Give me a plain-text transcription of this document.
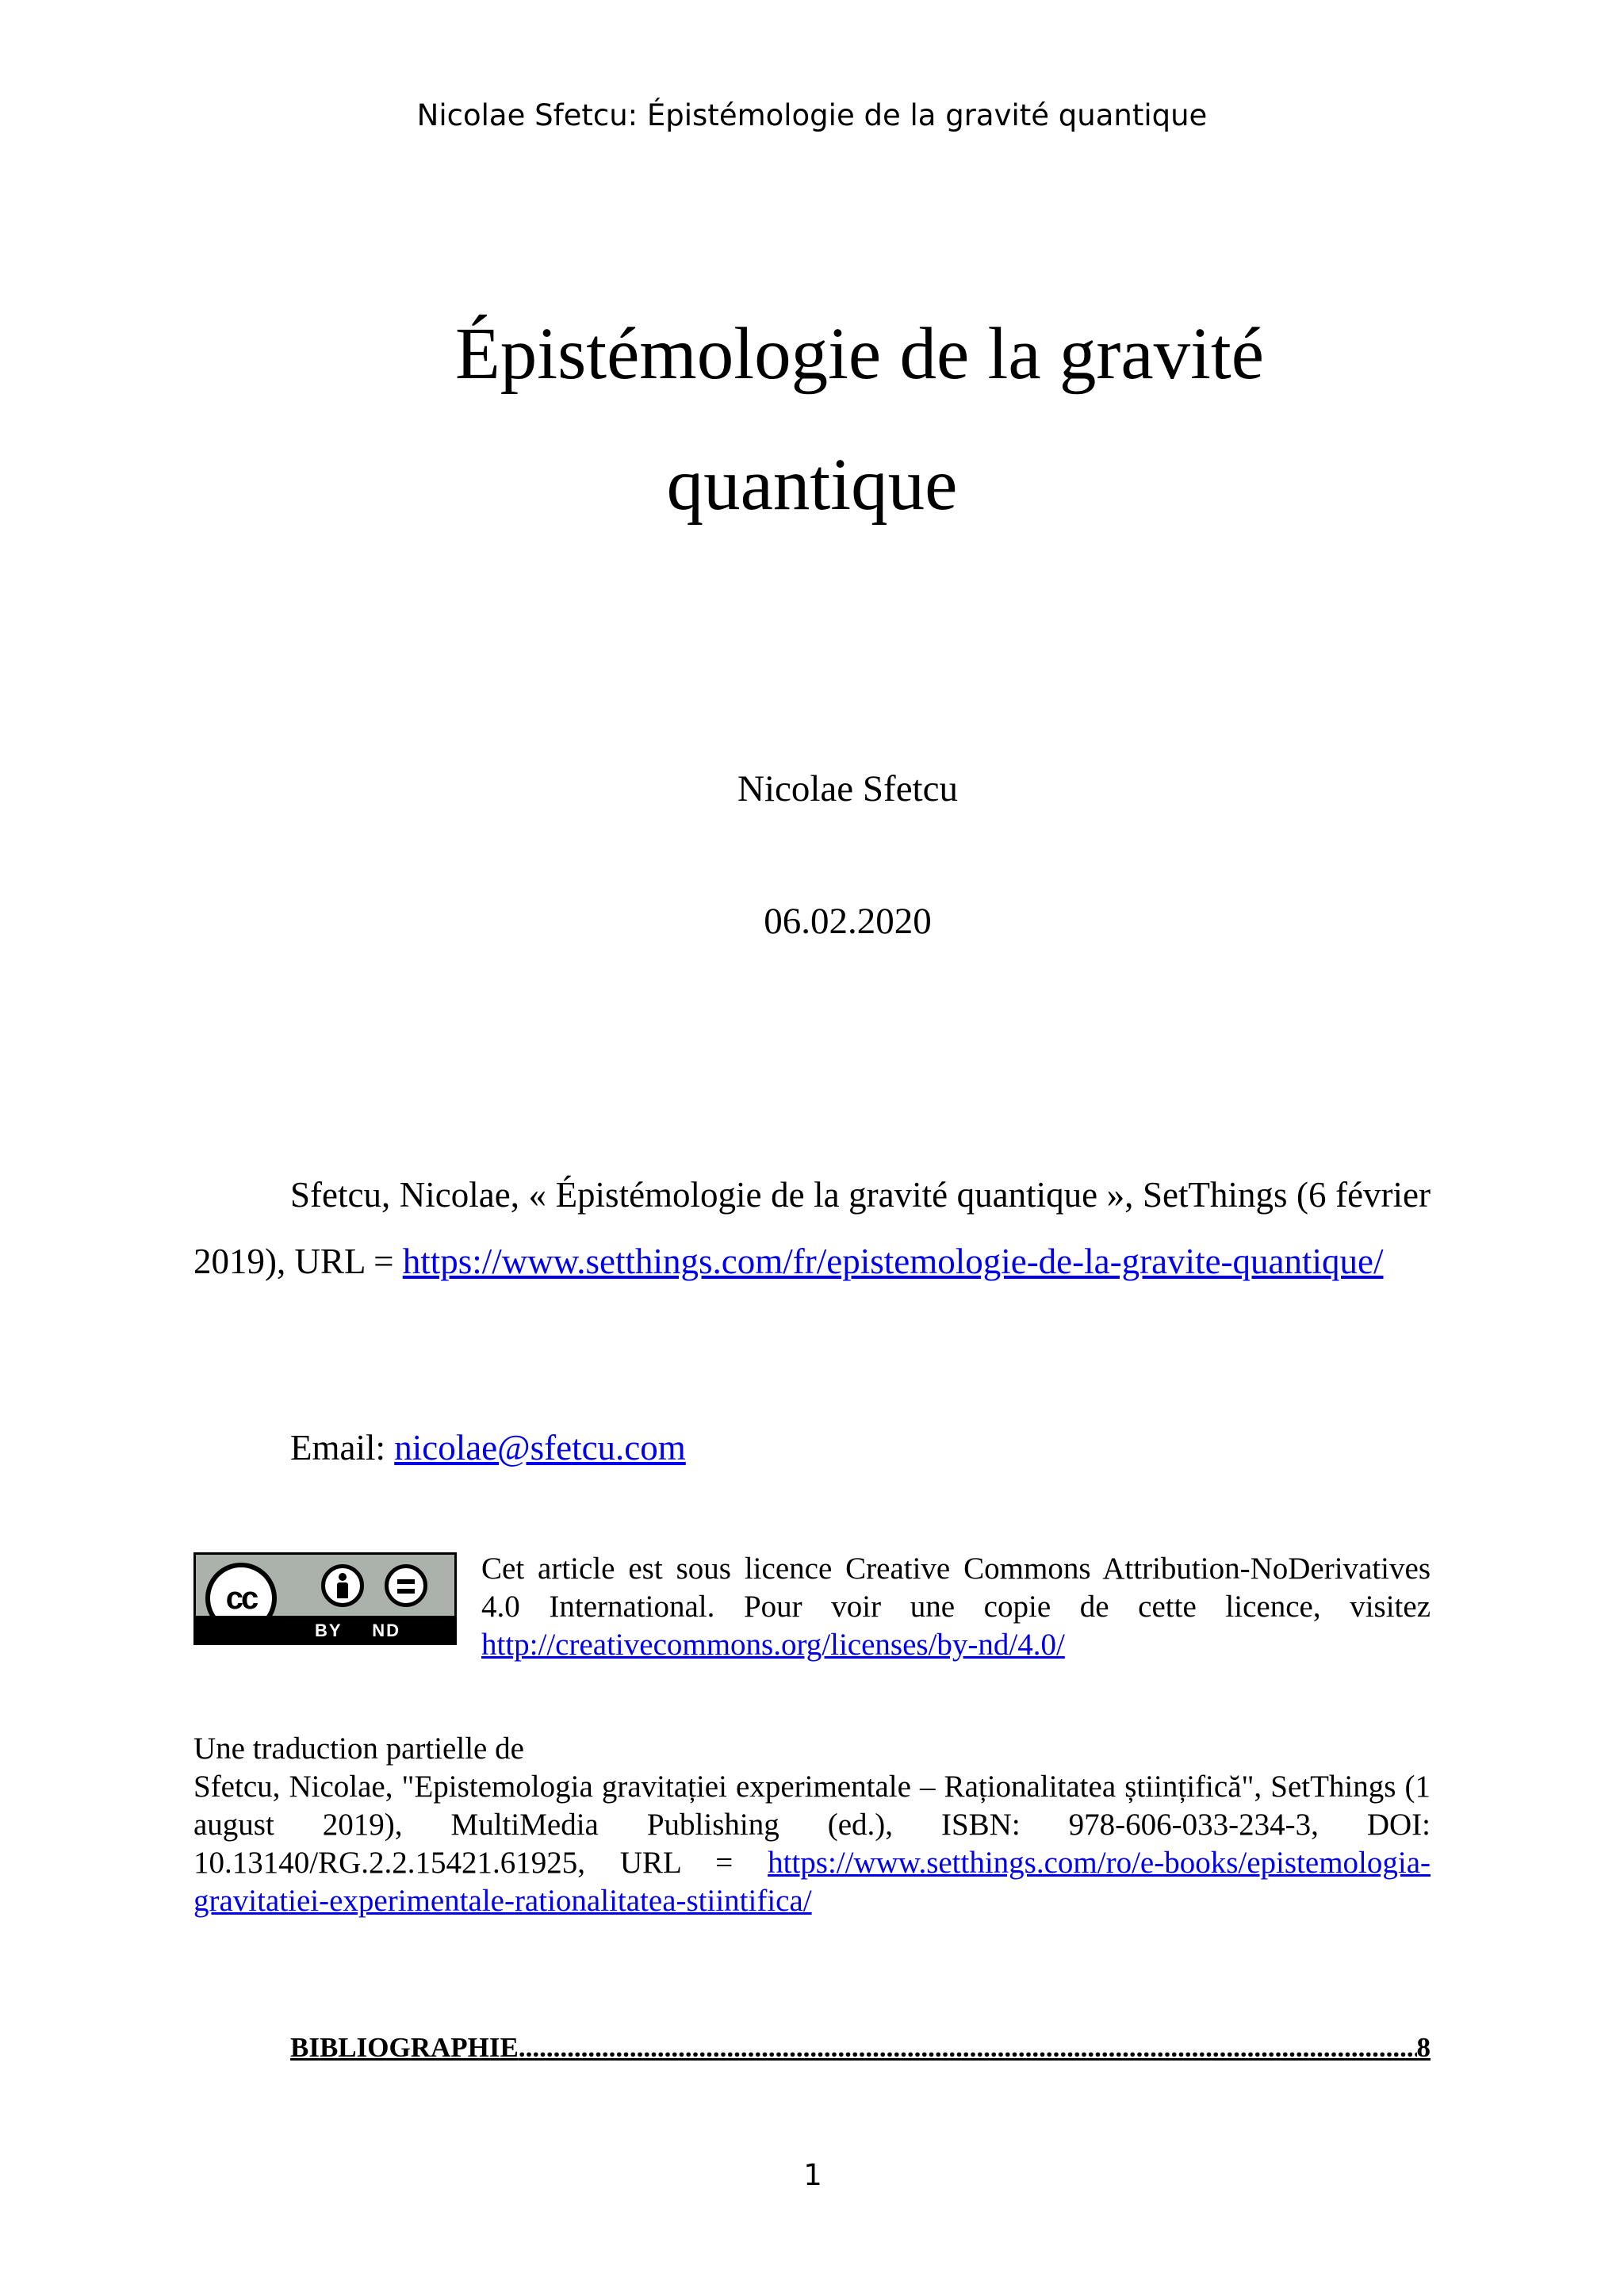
Nicolae Sfetcu: Épistémologie de la gravité quantique
Épistémologie de la gravité
quantique
Nicolae Sfetcu
06.02.2020
Sfetcu, Nicolae, « Épistémologie de la gravité quantique », SetThings (6 février 2019), URL = https://www.setthings.com/fr/epistemologie-de-la-gravite-quantique/
Email: nicolae@sfetcu.com
cc
BY ND
Cet article est sous licence Creative Commons Attribution-NoDerivatives 4.0 International. Pour voir une copie de cette licence, visitez http://creativecommons.org/licenses/by-nd/4.0/
Une traduction partielle de
Sfetcu, Nicolae, "Epistemologia gravitației experimentale – Raționalitatea științifică", SetThings (1 august 2019), MultiMedia Publishing (ed.), ISBN: 978-606-033-234-3, DOI: 10.13140/RG.2.2.15421.61925, URL = https://www.setthings.com/ro/e-books/epistemologia-gravitatiei-experimentale-rationalitatea-stiintifica/
BIBLIOGRAPHIE
.....	8
1
